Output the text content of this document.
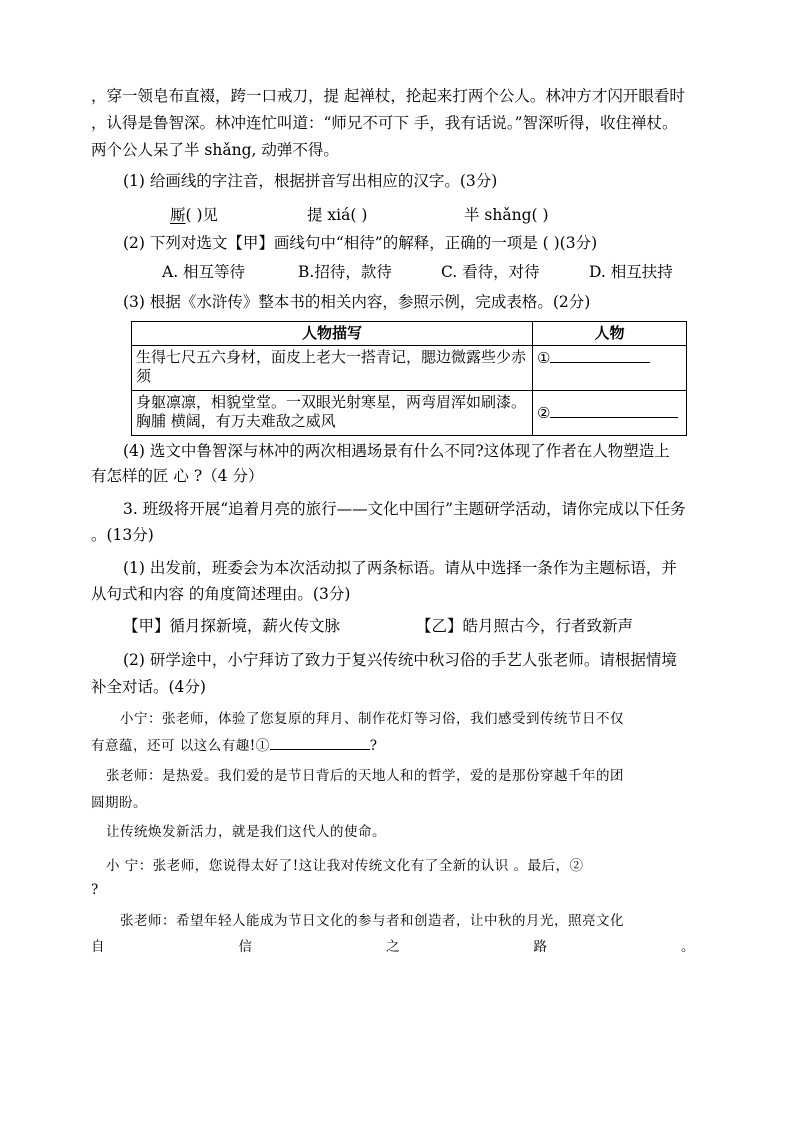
，穿一领皂布直裰，跨一口戒刀，提 起禅杖，抡起来打两个公人。林冲方才闪开眼看时
，认得是鲁智深。林冲连忙叫道：“师兄不可下 手，我有话说。”智深听得，收住禅杖。
两个公人呆了半 shǎng, 动弹不得。
(1) 给画线的字注音，根据拼音写出相应的汉字。(3分)
厮( )见	提 xiá( )	半 shǎng( )
(2) 下列对选文【甲】画线句中“相待”的解释，正确的一项是 ( )(3分)
A. 相互等待	B.招待，款待	C. 看待，对待	D. 相互扶持
(3) 根据《水浒传》整本书的相关内容，参照示例，完成表格。(2分)
人物描写	人物
生得七尺五六身材，面皮上老大一搭青记，腮边微露些少赤须	①
身躯凛凛，相貌堂堂。一双眼光射寒星，两弯眉浑如刷漆。胸脯 横阔，有万夫难敌之威风	②
(4) 选文中鲁智深与林冲的两次相遇场景有什么不同?这体现了作者在人物塑造上
有怎样的匠 心 ?（4 分）
3. 班级将开展“追着月亮的旅行——文化中国行”主题研学活动，请你完成以下任务
。(13分)
(1) 出发前，班委会为本次活动拟了两条标语。请从中选择一条作为主题标语，并
从句式和内容 的角度简述理由。(3分)
【甲】循月探新境，薪火传文脉	【乙】皓月照古今，行者致新声
(2) 研学途中，小宁拜访了致力于复兴传统中秋习俗的手艺人张老师。请根据情境
补全对话。(4分)
小宁：张老师，体验了您复原的拜月、制作花灯等习俗，我们感受到传统节日不仅
有意蕴，还可 以这么有趣!①	?
张老师：是热爱。我们爱的是节日背后的天地人和的哲学，爱的是那份穿越千年的团
圆期盼。
让传统焕发新活力，就是我们这代人的使命。
小 宁：张老师，您说得太好了!这让我对传统文化有了全新的认识 。最后，②
?
张老师：希望年轻人能成为节日文化的参与者和创造者，让中秋的月光，照亮文化
自	信	之	路	。
